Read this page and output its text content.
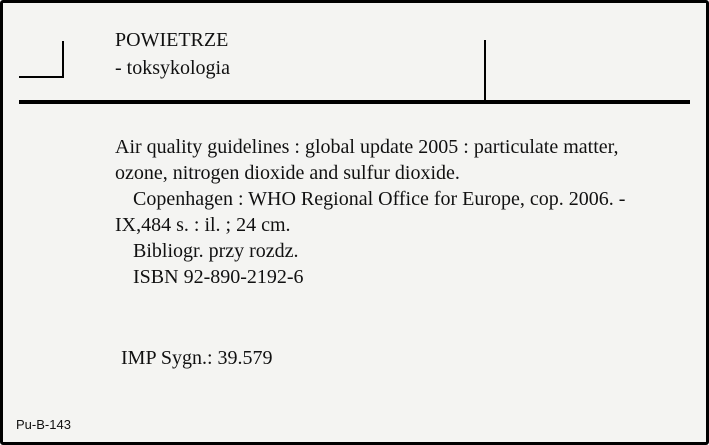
POWIETRZE
- toksykologia

Air quality guidelines : global update 2005 : particulate matter, ozone, nitrogen dioxide and sulfur dioxide.

Copenhagen : WHO Regional Office for Europe, cop. 2006. - IX,484 s. : il. ; 24 cm.

Bibliogr. przy rozdz.

ISBN 92-890-2192-6

IMP Sygn.: 39.579
Pu-B-143
